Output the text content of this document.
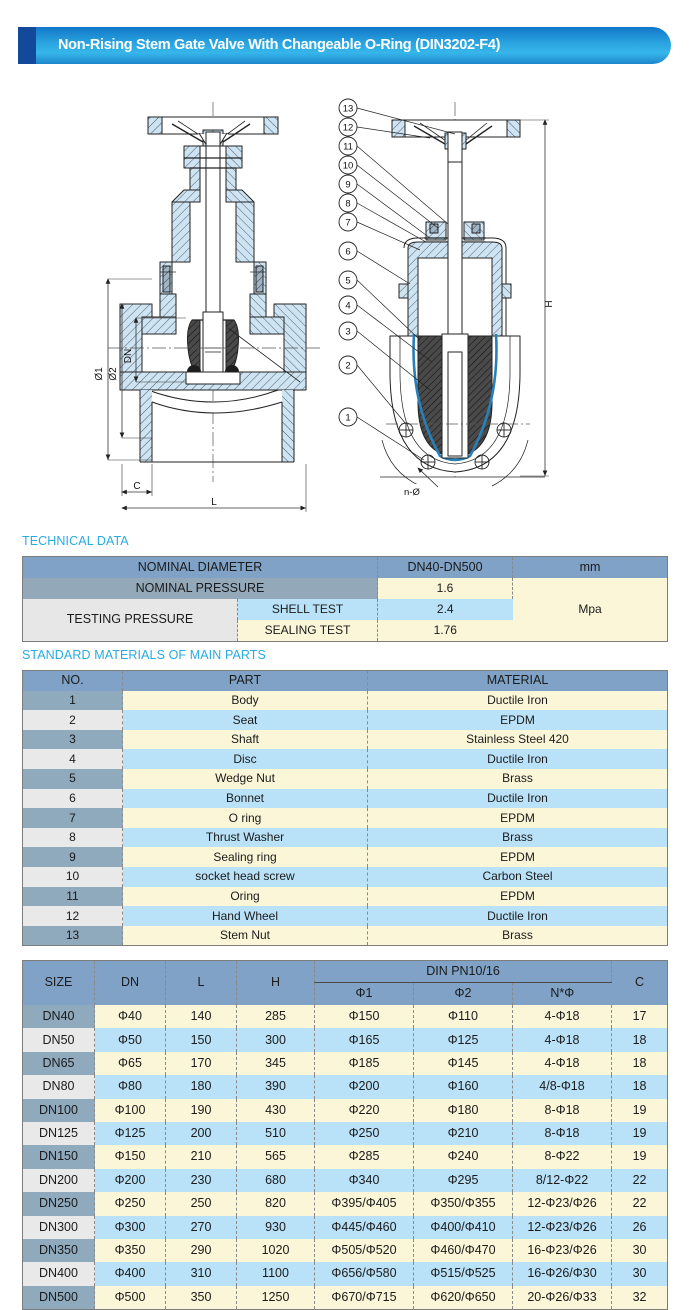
Non-Rising Stem Gate Valve With Changeable O-Ring (DIN3202-F4)
Ø1 Ø2
DN
C
L
H
n-Ø
13
12
11
10
9
8
7
6
5
4
3
2
1
TECHNICAL DATA
NOMINAL DIAMETER		DN40-DN500	mm
NOMINAL PRESSURE		1.6	Mpa
TESTING PRESSURE	SHELL TEST	2.4	
	SEALING TEST	1.76	
STANDARD MATERIALS OF MAIN PARTS
NO.	PART	MATERIAL
1	Body	Ductile Iron
2	Seat	EPDM
3	Shaft	Stainless Steel 420
4	Disc	Ductile Iron
5	Wedge Nut	Brass
6	Bonnet	Ductile Iron
7	O ring	EPDM
8	Thrust Washer	Brass
9	Sealing ring	EPDM
10	socket head screw	Carbon Steel
11	Oring	EPDM
12	Hand Wheel	Ductile Iron
13	Stem Nut	Brass
SIZE	DN	L	H	DIN PN10/16			C
				Φ1	Φ2	N*Φ	
DN40	Φ40	140	285	Φ150	Φ110	4-Φ18	17
DN50	Φ50	150	300	Φ165	Φ125	4-Φ18	18
DN65	Φ65	170	345	Φ185	Φ145	4-Φ18	18
DN80	Φ80	180	390	Φ200	Φ160	4/8-Φ18	18
DN100	Φ100	190	430	Φ220	Φ180	8-Φ18	19
DN125	Φ125	200	510	Φ250	Φ210	8-Φ18	19
DN150	Φ150	210	565	Φ285	Φ240	8-Φ22	19
DN200	Φ200	230	680	Φ340	Φ295	8/12-Φ22	22
DN250	Φ250	250	820	Φ395/Φ405	Φ350/Φ355	12-Φ23/Φ26	22
DN300	Φ300	270	930	Φ445/Φ460	Φ400/Φ410	12-Φ23/Φ26	26
DN350	Φ350	290	1020	Φ505/Φ520	Φ460/Φ470	16-Φ23/Φ26	30
DN400	Φ400	310	1100	Φ656/Φ580	Φ515/Φ525	16-Φ26/Φ30	30
DN500	Φ500	350	1250	Φ670/Φ715	Φ620/Φ650	20-Φ26/Φ33	32
